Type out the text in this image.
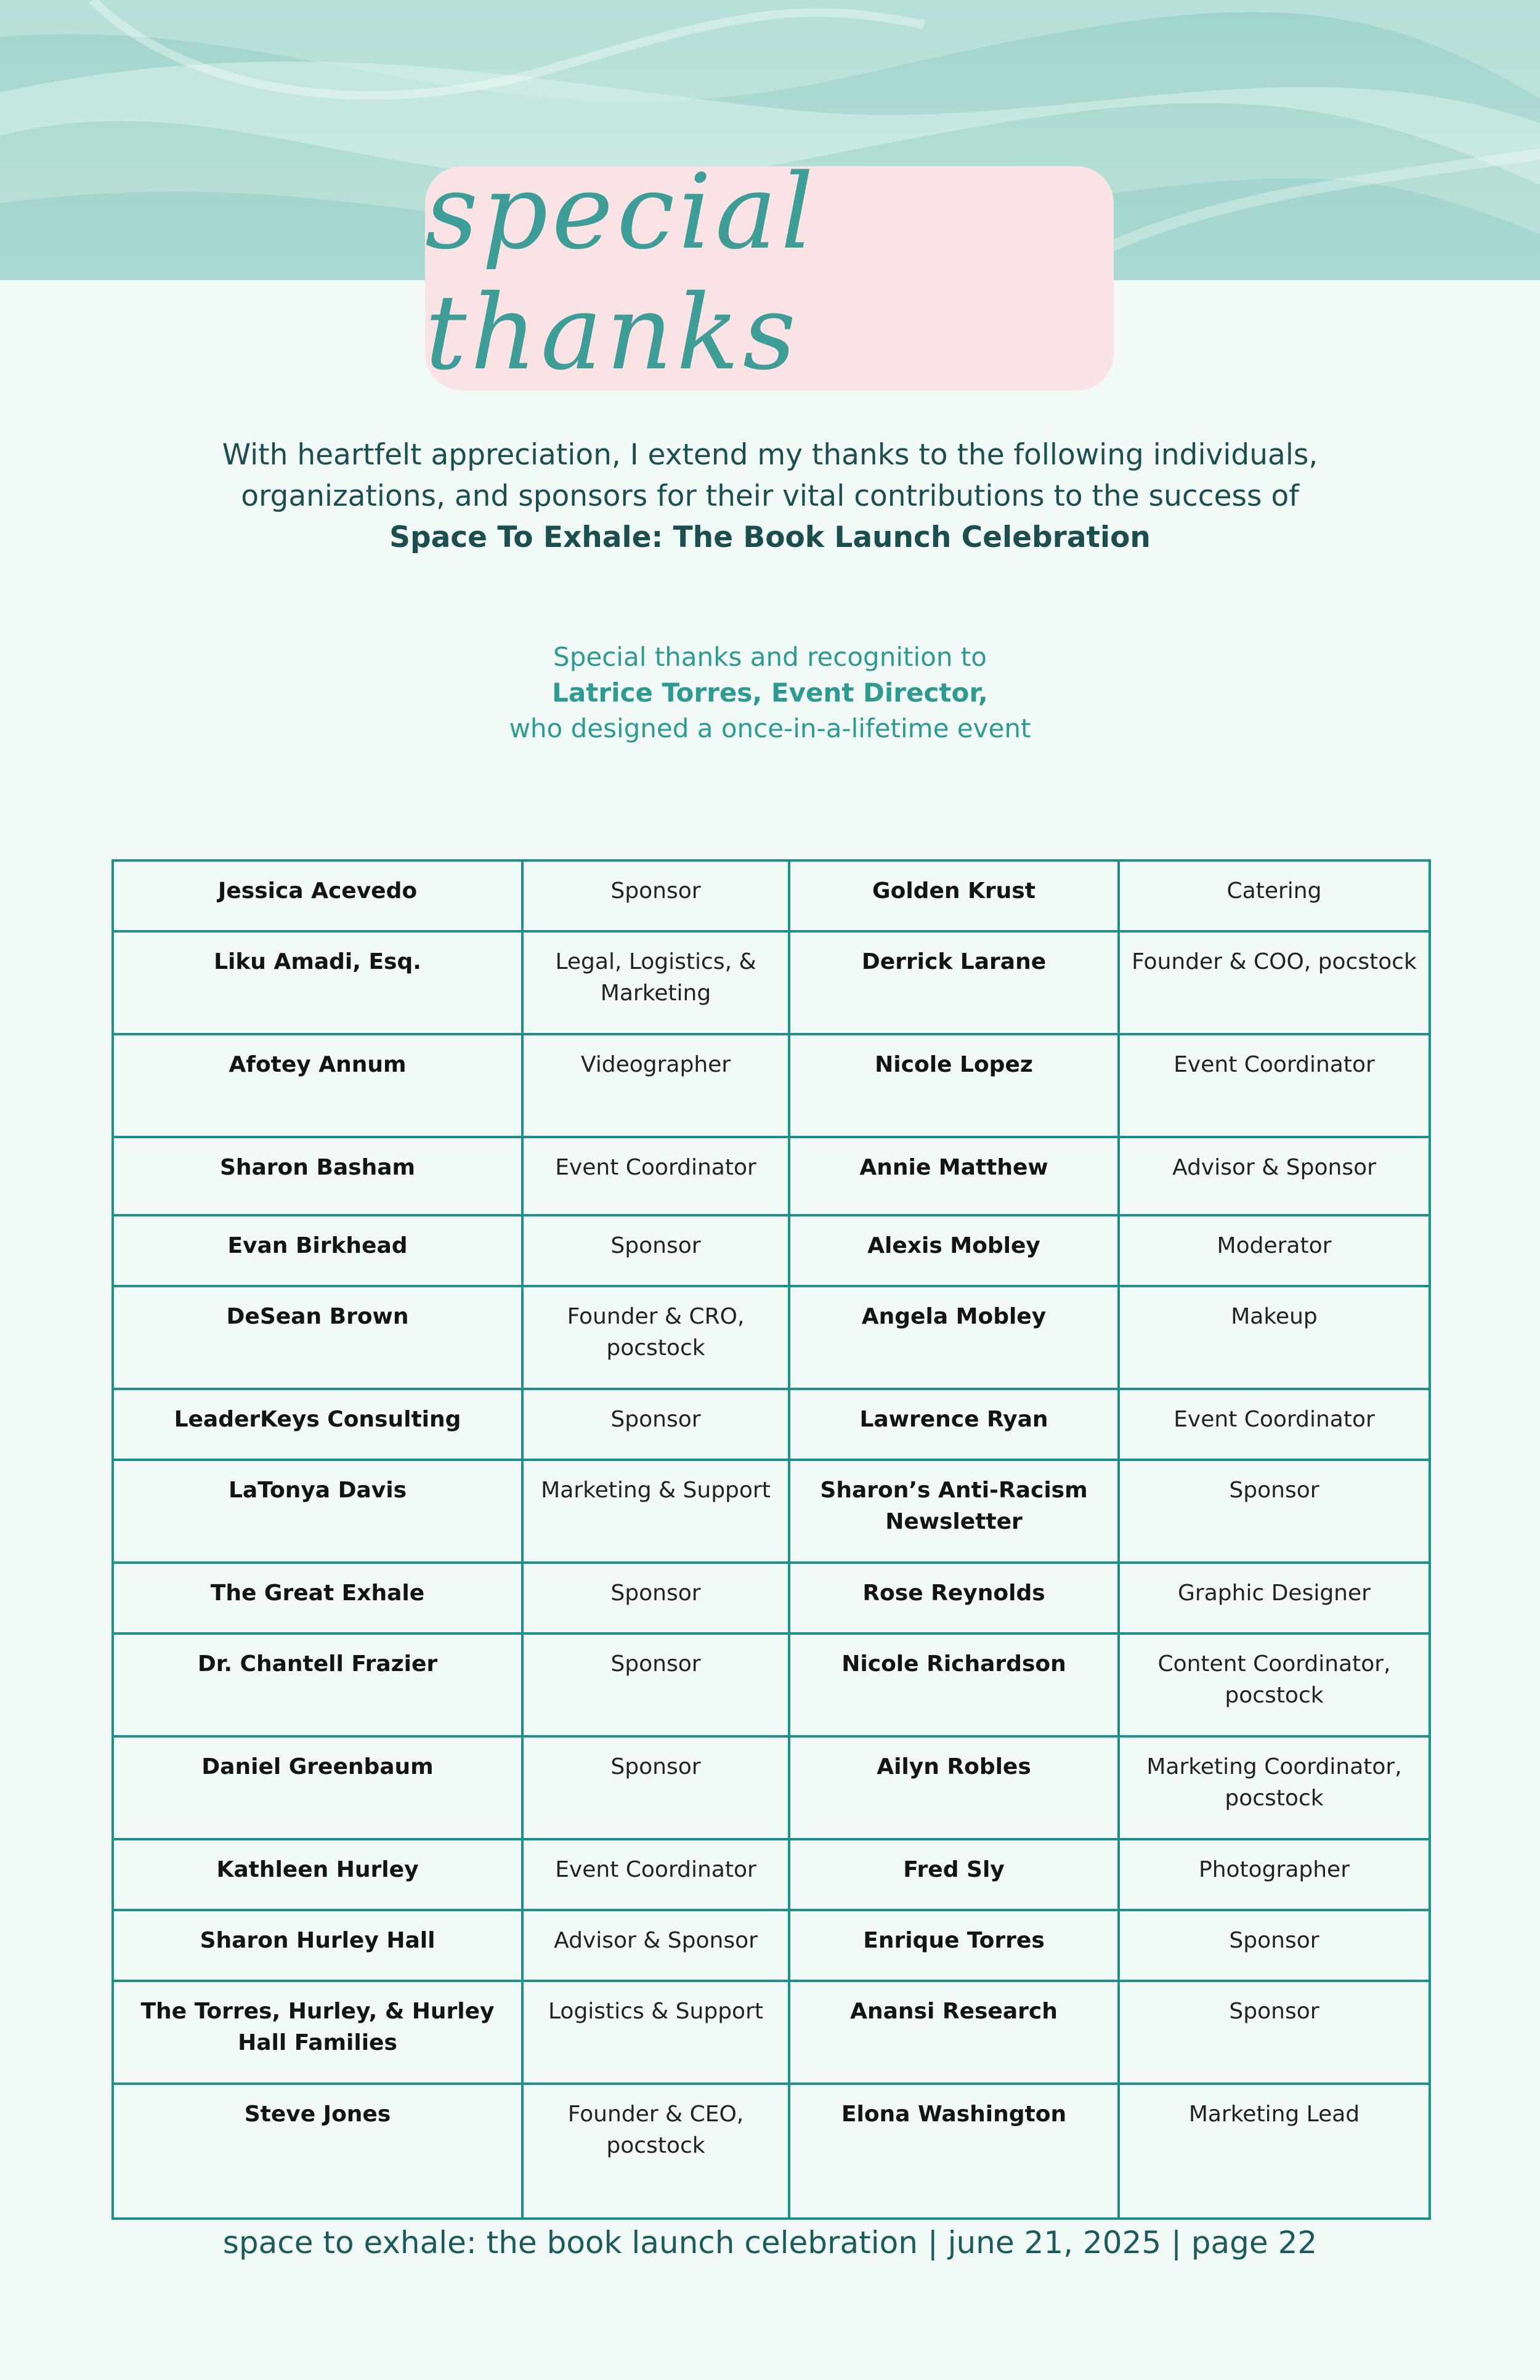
special thanks
With heartfelt appreciation, I extend my thanks to the following individuals,
organizations, and sponsors for their vital contributions to the success of
Space To Exhale: The Book Launch Celebration
Special thanks and recognition to
Latrice Torres, Event Director,
who designed a once-in-a-lifetime event
Jessica Acevedo	Sponsor	Golden Krust	Catering
Liku Amadi, Esq.	Legal, Logistics, & Marketing	Derrick Larane	Founder & COO, pocstock
Afotey Annum	Videographer	Nicole Lopez	Event Coordinator
Sharon Basham	Event Coordinator	Annie Matthew	Advisor & Sponsor
Evan Birkhead	Sponsor	Alexis Mobley	Moderator
DeSean Brown	Founder & CRO, pocstock	Angela Mobley	Makeup
LeaderKeys Consulting	Sponsor	Lawrence Ryan	Event Coordinator
LaTonya Davis	Marketing & Support	Sharon’s Anti-Racism Newsletter	Sponsor
The Great Exhale	Sponsor	Rose Reynolds	Graphic Designer
Dr. Chantell Frazier	Sponsor	Nicole Richardson	Content Coordinator, pocstock
Daniel Greenbaum	Sponsor	Ailyn Robles	Marketing Coordinator, pocstock
Kathleen Hurley	Event Coordinator	Fred Sly	Photographer
Sharon Hurley Hall	Advisor & Sponsor	Enrique Torres	Sponsor
The Torres, Hurley, & Hurley Hall Families	Logistics & Support	Anansi Research	Sponsor
Steve Jones	Founder & CEO, pocstock	Elona Washington	Marketing Lead
space to exhale: the book launch celebration | june 21, 2025 | page 22
